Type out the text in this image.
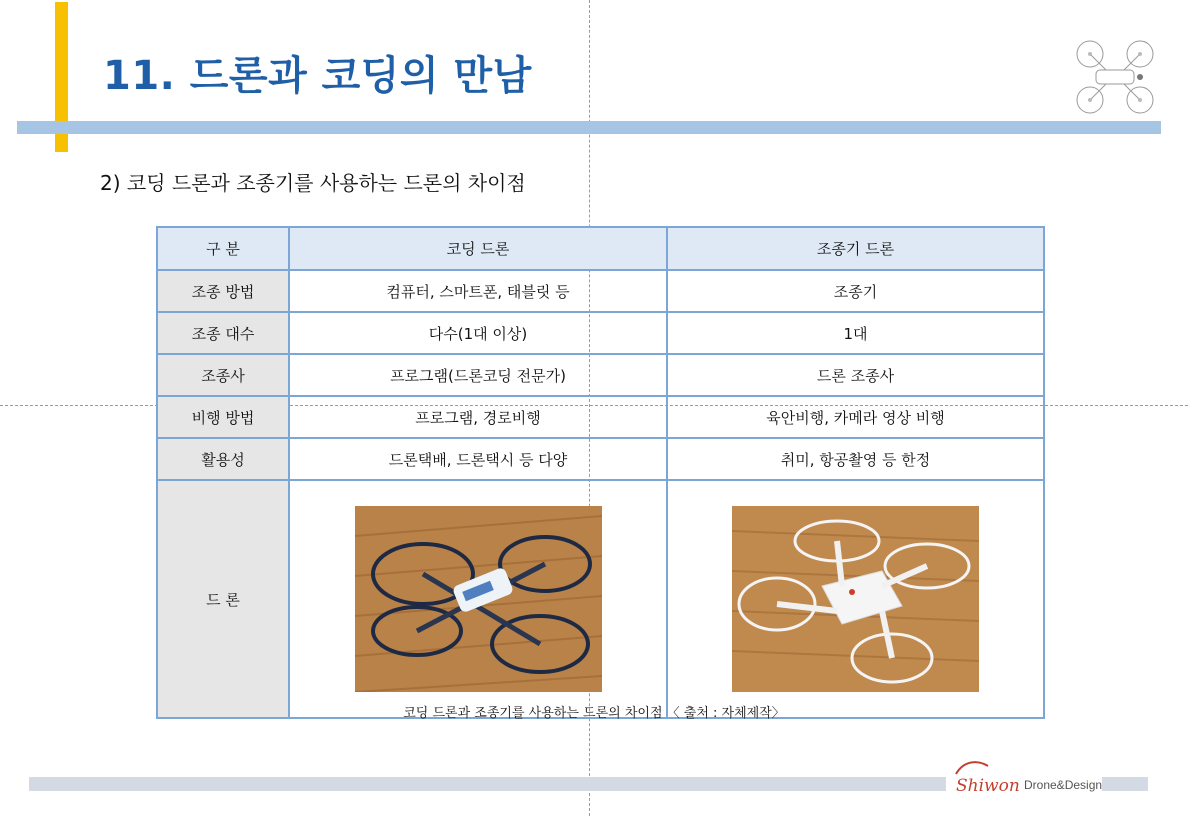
11. 드론과 코딩의 만남
2) 코딩 드론과 조종기를 사용하는 드론의 차이점
구 분	코딩 드론	조종기 드론
조종 방법	컴퓨터, 스마트폰, 태블릿 등	조종기
조종 대수	다수(1대 이상)	1대
조종사	프로그램(드론코딩 전문가)	드론 조종사
비행 방법	프로그램, 경로비행	육안비행, 카메라 영상 비행
활용성	드론택배, 드론택시 등 다양	취미, 항공촬영 등 한정
드 론	

코딩 드론과 조종기를 사용하는 드론의 차이점 〈 출처 : 자체제작〉
Shiwon Drone&Design
